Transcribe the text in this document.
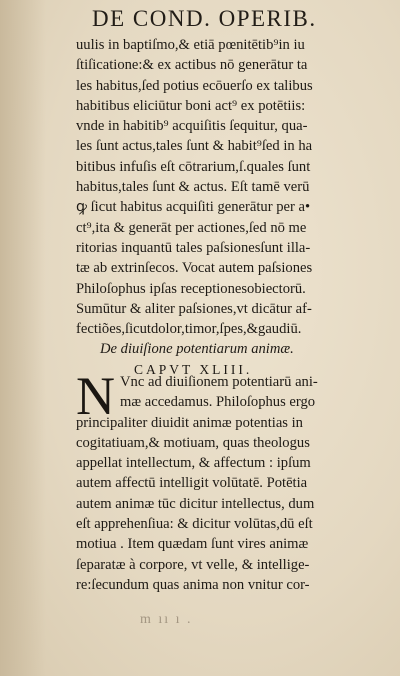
DE COND. OPERIB.
uulis in baptiſmo,& etiā pœnitētib⁹in iu
ſtiſicatione:& ex actibus nō generātur ta
les habitus,ſed potius ecōuerſo ex talibus
habitibus eliciūtur boni act⁹ ex potētiis:
vnde in habitib⁹ acquiſitis ſequitur, qua-
les ſunt actus,tales ſunt & habit⁹ſed in ha
bitibus infuſis eſt cōtrarium,ſ.quales ſunt
habitus,tales ſunt & actus. Eſt tamē verū
ꝙ ſicut habitus acquiſiti generātur per a•
ct⁹,ita & generāt per actiones,ſed nō me
ritorias inquantū tales paſsionesſunt illa-
tæ ab extrinſecos. Vocat autem paſsiones
Philoſophus ipſas receptionesobiectorū.
Sumūtur & aliter paſsiones,vt dicātur af-
fectiões,ſicutdolor,timor,ſpes,&gaudiū.
De diuiſione potentiarum animæ.
CAPVT XLIII.
N Vnc ad diuiſionem potentiarū ani-
mæ accedamus. Philoſophus ergo
principaliter diuidit animæ potentias in
cogitatiuam,& motiuam, quas theologus
appellat intellectum, & affectum : ipſum
autem affectū intelligit volūtatē. Potētia
autem animæ tūc dicitur intellectus, dum
eſt apprehenſiua: & dicitur volūtas,dū eſt
motiua . Item quædam ſunt vires animæ
ſeparatæ à corpore, vt velle, & intellige-
re:ſecundum quas anima non vnitur cor-
m ıı ı .
